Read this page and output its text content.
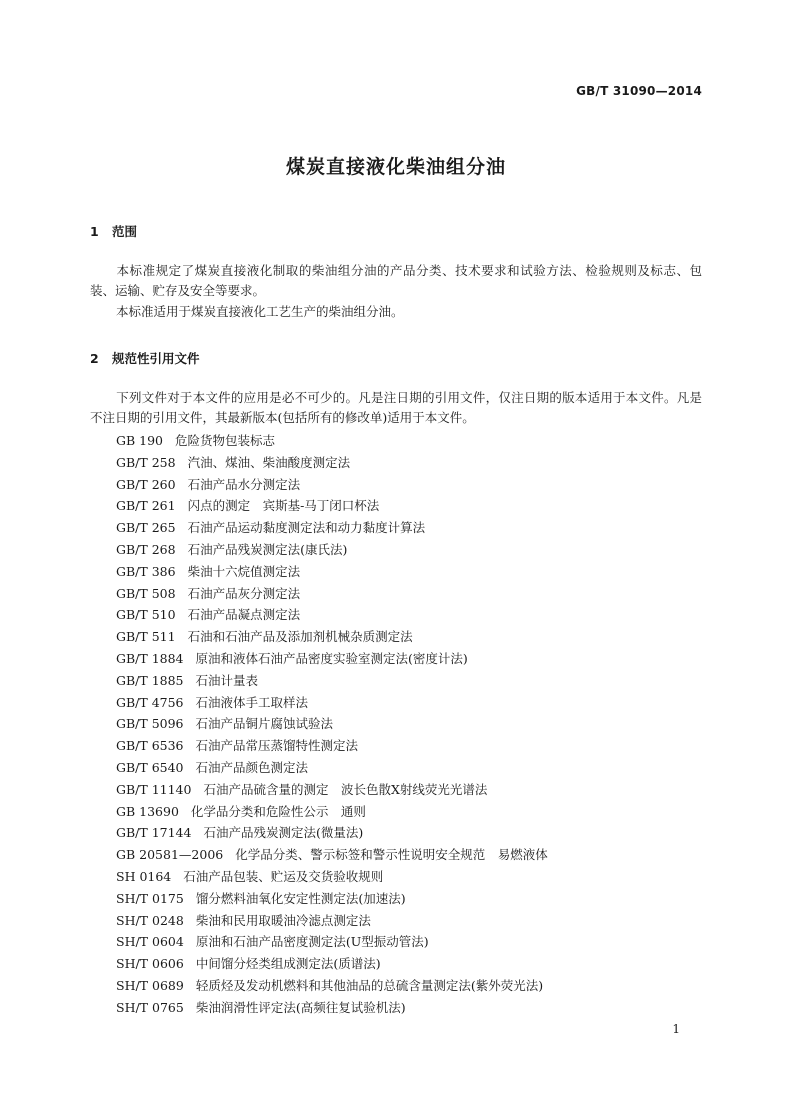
GB/T 31090—2014
煤炭直接液化柴油组分油
1 范围
本标准规定了煤炭直接液化制取的柴油组分油的产品分类、技术要求和试验方法、检验规则及标志、包装、运输、贮存及安全等要求。
本标准适用于煤炭直接液化工艺生产的柴油组分油。
2 规范性引用文件
下列文件对于本文件的应用是必不可少的。凡是注日期的引用文件，仅注日期的版本适用于本文件。凡是不注日期的引用文件，其最新版本(包括所有的修改单)适用于本文件。
GB 190 危险货物包装标志
GB/T 258 汽油、煤油、柴油酸度测定法
GB/T 260 石油产品水分测定法
GB/T 261 闪点的测定　宾斯基-马丁闭口杯法
GB/T 265 石油产品运动黏度测定法和动力黏度计算法
GB/T 268 石油产品残炭测定法(康氏法)
GB/T 386 柴油十六烷值测定法
GB/T 508 石油产品灰分测定法
GB/T 510 石油产品凝点测定法
GB/T 511 石油和石油产品及添加剂机械杂质测定法
GB/T 1884 原油和液体石油产品密度实验室测定法(密度计法)
GB/T 1885 石油计量表
GB/T 4756 石油液体手工取样法
GB/T 5096 石油产品铜片腐蚀试验法
GB/T 6536 石油产品常压蒸馏特性测定法
GB/T 6540 石油产品颜色测定法
GB/T 11140 石油产品硫含量的测定　波长色散X射线荧光光谱法
GB 13690 化学品分类和危险性公示　通则
GB/T 17144 石油产品残炭测定法(微量法)
GB 20581—2006 化学品分类、警示标签和警示性说明安全规范　易燃液体
SH 0164 石油产品包装、贮运及交货验收规则
SH/T 0175 馏分燃料油氧化安定性测定法(加速法)
SH/T 0248 柴油和民用取暖油冷滤点测定法
SH/T 0604 原油和石油产品密度测定法(U型振动管法)
SH/T 0606 中间馏分烃类组成测定法(质谱法)
SH/T 0689 轻质烃及发动机燃料和其他油品的总硫含量测定法(紫外荧光法)
SH/T 0765 柴油润滑性评定法(高频往复试验机法)
1
